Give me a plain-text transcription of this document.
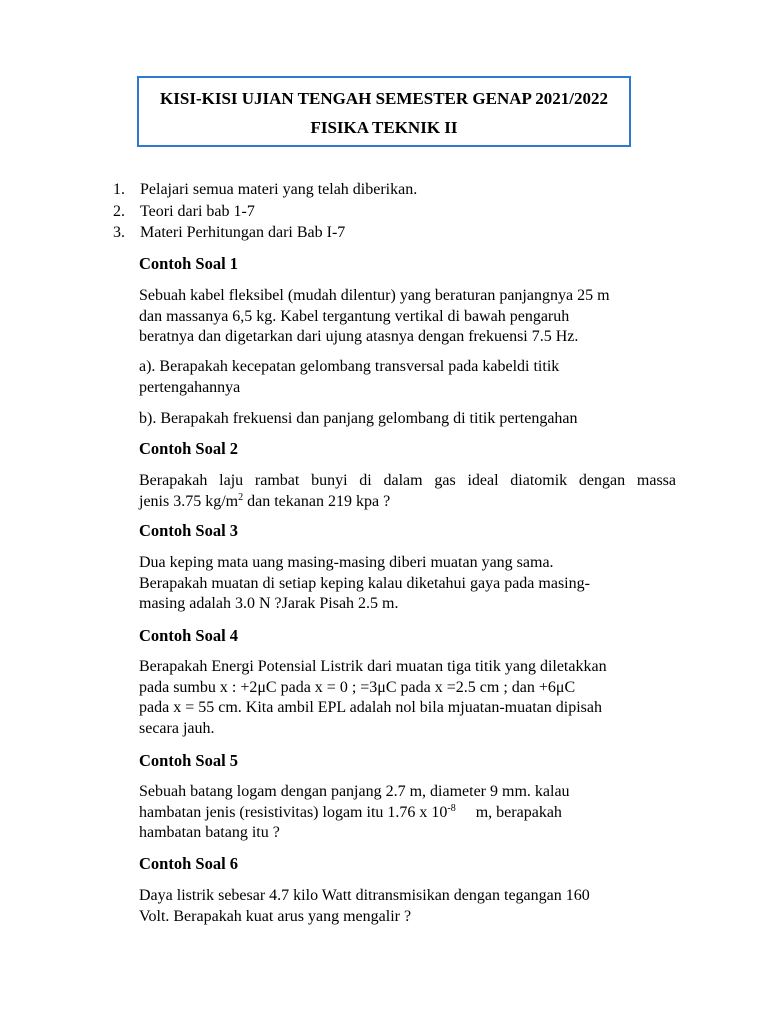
KISI-KISI UJIAN TENGAH SEMESTER GENAP 2021/2022
FISIKA TEKNIK II
1. Pelajari semua materi yang telah diberikan.
2. Teori dari bab 1-7
3. Materi Perhitungan dari Bab I-7
Contoh Soal 1
Sebuah kabel fleksibel (mudah dilentur) yang beraturan panjangnya 25 m
dan massanya 6,5 kg. Kabel tergantung vertikal di bawah pengaruh
beratnya dan digetarkan dari ujung atasnya dengan frekuensi 7.5 Hz.
a). Berapakah kecepatan gelombang transversal pada kabeldi titik
pertengahannya
b). Berapakah frekuensi dan panjang gelombang di titik pertengahan
Contoh Soal 2
Berapakah laju rambat bunyi di dalam gas ideal diatomik dengan massa
jenis 3.75 $kg/m^2$ dan tekanan 219 kpa ?
Contoh Soal 3
Dua keping mata uang masing-masing diberi muatan yang sama.
Berapakah muatan di setiap keping kalau diketahui gaya pada masing-
masing adalah 3.0 N ?Jarak Pisah 2.5 m.
Contoh Soal 4
Berapakah Energi Potensial Listrik dari muatan tiga titik yang diletakkan
pada sumbu x : +2μC pada x = 0 ; =3μC pada x =2.5 cm ; dan +6μC
pada x = 55 cm. Kita ambil EPL adalah nol bila mjuatan-muatan dipisah
secara jauh.
Contoh Soal 5
Sebuah batang logam dengan panjang 2.7 m, diameter 9 mm. kalau
hambatan jenis (resistivitas) logam itu 1.76 x $10^{-8}$     m, berapakah
hambatan batang itu ?
Contoh Soal 6
Daya listrik sebesar 4.7 kilo Watt ditransmisikan dengan tegangan 160
Volt. Berapakah kuat arus yang mengalir ?
